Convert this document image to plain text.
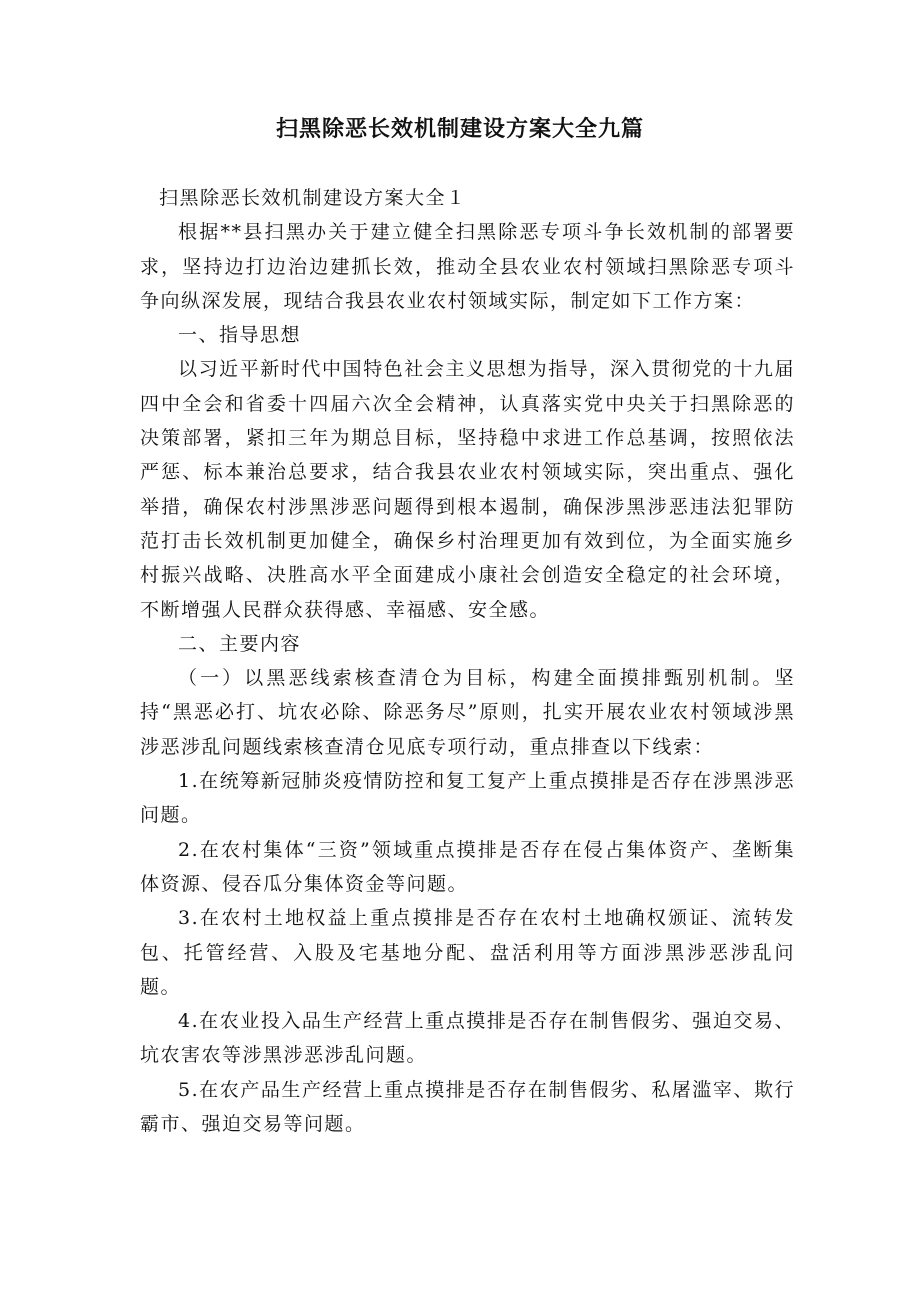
扫黑除恶长效机制建设方案大全九篇

扫黑除恶长效机制建设方案大全１

根据**县扫黑办关于建立健全扫黑除恶专项斗争长效机制的部署要求，坚持边打边治边建抓长效，推动全县农业农村领域扫黑除恶专项斗争向纵深发展，现结合我县农业农村领域实际，制定如下工作方案：

一、指导思想

以习近平新时代中国特色社会主义思想为指导，深入贯彻党的十九届四中全会和省委十四届六次全会精神，认真落实党中央关于扫黑除恶的决策部署，紧扣三年为期总目标，坚持稳中求进工作总基调，按照依法严惩、标本兼治总要求，结合我县农业农村领域实际，突出重点、强化举措，确保农村涉黑涉恶问题得到根本遏制，确保涉黑涉恶违法犯罪防范打击长效机制更加健全，确保乡村治理更加有效到位，为全面实施乡村振兴战略、决胜高水平全面建成小康社会创造安全稳定的社会环境，不断增强人民群众获得感、幸福感、安全感。

二、主要内容

（一）以黑恶线索核查清仓为目标，构建全面摸排甄别机制。坚持“黑恶必打、坑农必除、除恶务尽”原则，扎实开展农业农村领域涉黑涉恶涉乱问题线索核查清仓见底专项行动，重点排查以下线索：

1.在统筹新冠肺炎疫情防控和复工复产上重点摸排是否存在涉黑涉恶问题。

2.在农村集体“三资”领域重点摸排是否存在侵占集体资产、垄断集体资源、侵吞瓜分集体资金等问题。

3.在农村土地权益上重点摸排是否存在农村土地确权颁证、流转发包、托管经营、入股及宅基地分配、盘活利用等方面涉黑涉恶涉乱问题。

4.在农业投入品生产经营上重点摸排是否存在制售假劣、强迫交易、坑农害农等涉黑涉恶涉乱问题。

5.在农产品生产经营上重点摸排是否存在制售假劣、私屠滥宰、欺行霸市、强迫交易等问题。
